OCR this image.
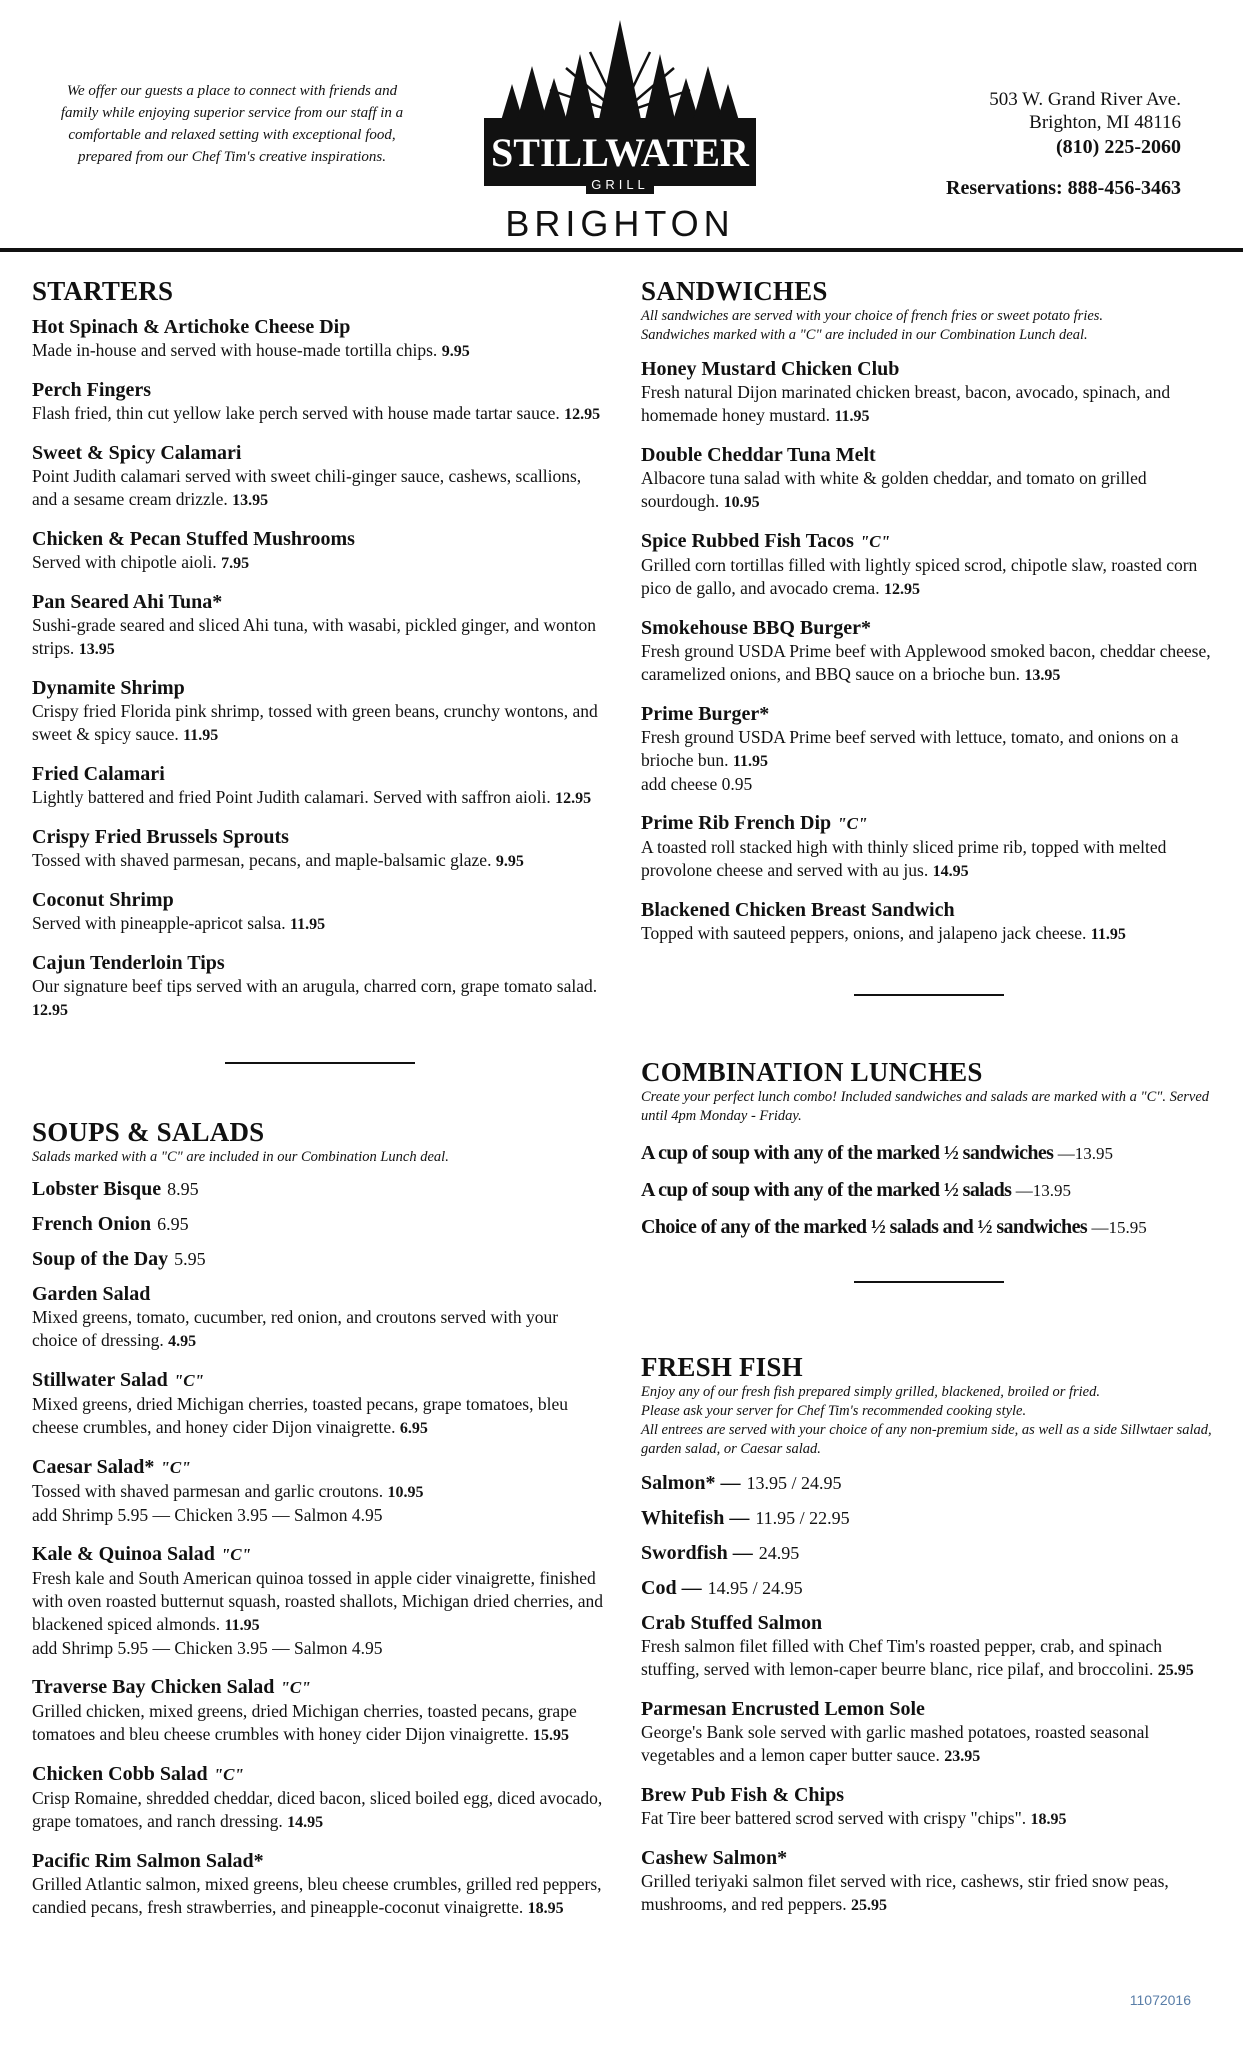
We offer our guests a place to connect with friends and family while enjoying superior service from our staff in a comfortable and relaxed setting with exceptional food, prepared from our Chef Tim's creative inspirations.	STILLWATER
GRILL
BRIGHTON
503 W. Grand River Ave.
Brighton, MI 48116
(810) 225-2060
Reservations: 888-456-3463
STARTERS
Hot Spinach & Artichoke Cheese Dip
Made in-house and served with house-made tortilla chips. 9.95
Perch Fingers
Flash fried, thin cut yellow lake perch served with house made tartar sauce. 12.95
Sweet & Spicy Calamari
Point Judith calamari served with sweet chili-ginger sauce, cashews, scallions, and a sesame cream drizzle. 13.95
Chicken & Pecan Stuffed Mushrooms
Served with chipotle aioli. 7.95
Pan Seared Ahi Tuna*
Sushi-grade seared and sliced Ahi tuna, with wasabi, pickled ginger, and wonton strips. 13.95
Dynamite Shrimp
Crispy fried Florida pink shrimp, tossed with green beans, crunchy wontons, and sweet & spicy sauce. 11.95
Fried Calamari
Lightly battered and fried Point Judith calamari. Served with saffron aioli. 12.95
Crispy Fried Brussels Sprouts
Tossed with shaved parmesan, pecans, and maple-balsamic glaze. 9.95
Coconut Shrimp
Served with pineapple-apricot salsa. 11.95
Cajun Tenderloin Tips
Our signature beef tips served with an arugula, charred corn, grape tomato salad. 12.95
SOUPS & SALADS

Salads marked with a "C" are included in our Combination Lunch deal.

Lobster Bisque 8.95
French Onion 6.95
Soup of the Day 5.95
Garden Salad
Mixed greens, tomato, cucumber, red onion, and croutons served with your choice of dressing. 4.95
Stillwater Salad "C"
Mixed greens, dried Michigan cherries, toasted pecans, grape tomatoes, bleu cheese crumbles, and honey cider Dijon vinaigrette. 6.95
Caesar Salad* "C"
Tossed with shaved parmesan and garlic croutons. 10.95
add Shrimp 5.95 — Chicken 3.95 — Salmon 4.95
Kale & Quinoa Salad "C"
Fresh kale and South American quinoa tossed in apple cider vinaigrette, finished with oven roasted butternut squash, roasted shallots, Michigan dried cherries, and blackened spiced almonds. 11.95
add Shrimp 5.95 — Chicken 3.95 — Salmon 4.95
Traverse Bay Chicken Salad "C"
Grilled chicken, mixed greens, dried Michigan cherries, toasted pecans, grape tomatoes and bleu cheese crumbles with honey cider Dijon vinaigrette. 15.95
Chicken Cobb Salad "C"
Crisp Romaine, shredded cheddar, diced bacon, sliced boiled egg, diced avocado, grape tomatoes, and ranch dressing. 14.95
Pacific Rim Salmon Salad*
Grilled Atlantic salmon, mixed greens, bleu cheese crumbles, grilled red peppers, candied pecans, fresh strawberries, and pineapple-coconut vinaigrette. 18.95
SANDWICHES

All sandwiches are served with your choice of french fries or sweet potato fries.

Sandwiches marked with a "C" are included in our Combination Lunch deal.

Honey Mustard Chicken Club
Fresh natural Dijon marinated chicken breast, bacon, avocado, spinach, and homemade honey mustard. 11.95
Double Cheddar Tuna Melt
Albacore tuna salad with white & golden cheddar, and tomato on grilled sourdough. 10.95
Spice Rubbed Fish Tacos "C"
Grilled corn tortillas filled with lightly spiced scrod, chipotle slaw, roasted corn pico de gallo, and avocado crema. 12.95
Smokehouse BBQ Burger*
Fresh ground USDA Prime beef with Applewood smoked bacon, cheddar cheese, caramelized onions, and BBQ sauce on a brioche bun. 13.95
Prime Burger*
Fresh ground USDA Prime beef served with lettuce, tomato, and onions on a brioche bun. 11.95
add cheese 0.95
Prime Rib French Dip "C"
A toasted roll stacked high with thinly sliced prime rib, topped with melted provolone cheese and served with au jus. 14.95
Blackened Chicken Breast Sandwich
Topped with sauteed peppers, onions, and jalapeno jack cheese. 11.95
COMBINATION LUNCHES

Create your perfect lunch combo! Included sandwiches and salads are marked with a "C". Served until 4pm Monday - Friday.

A cup of soup with any of the marked ½ sandwiches —13.95
A cup of soup with any of the marked ½ salads —13.95
Choice of any of the marked ½ salads and ½ sandwiches —15.95
FRESH FISH

Enjoy any of our fresh fish prepared simply grilled, blackened, broiled or fried.

Please ask your server for Chef Tim's recommended cooking style.

All entrees are served with your choice of any non-premium side, as well as a side Sillwtaer salad, garden salad, or Caesar salad.

Salmon* — 13.95 / 24.95
Whitefish — 11.95 / 22.95
Swordfish — 24.95
Cod — 14.95 / 24.95
Crab Stuffed Salmon
Fresh salmon filet filled with Chef Tim's roasted pepper, crab, and spinach stuffing, served with lemon-caper beurre blanc, rice pilaf, and broccolini. 25.95
Parmesan Encrusted Lemon Sole
George's Bank sole served with garlic mashed potatoes, roasted seasonal vegetables and a lemon caper butter sauce. 23.95
Brew Pub Fish & Chips
Fat Tire beer battered scrod served with crispy "chips". 18.95
Cashew Salmon*
Grilled teriyaki salmon filet served with rice, cashews, stir fried snow peas, mushrooms, and red peppers. 25.95
11072016
